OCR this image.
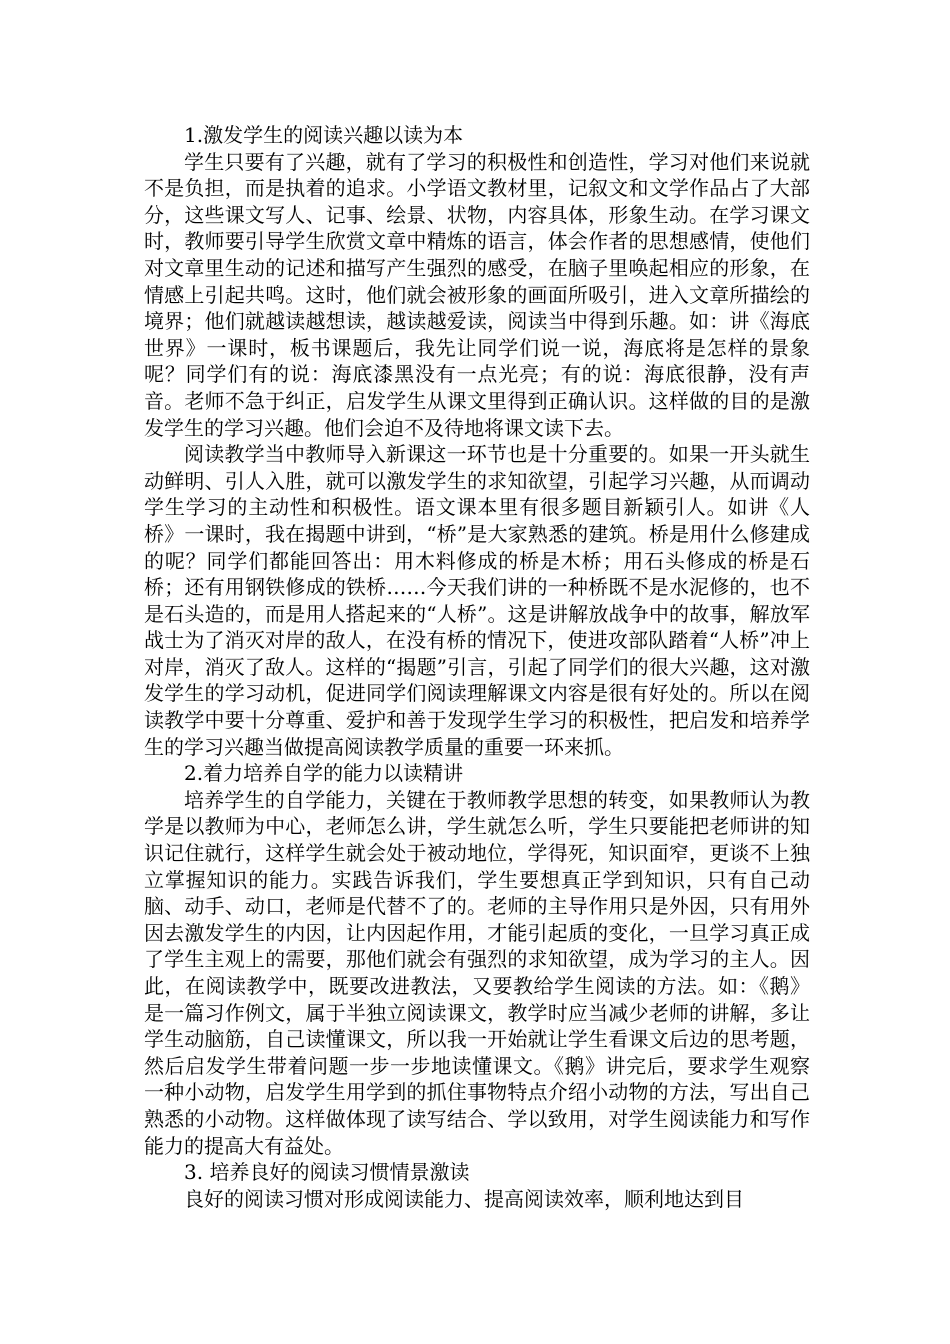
1.激发学生的阅读兴趣以读为本

学生只要有了兴趣，就有了学习的积极性和创造性，学习对他们来说就不是负担，而是执着的追求。小学语文教材里，记叙文和文学作品占了大部分，这些课文写人、记事、绘景、状物，内容具体，形象生动。在学习课文时，教师要引导学生欣赏文章中精炼的语言，体会作者的思想感情，使他们对文章里生动的记述和描写产生强烈的感受，在脑子里唤起相应的形象，在情感上引起共鸣。这时，他们就会被形象的画面所吸引，进入文章所描绘的境界；他们就越读越想读，越读越爱读，阅读当中得到乐趣。如：讲《海底世界》一课时，板书课题后，我先让同学们说一说，海底将是怎样的景象呢？同学们有的说：海底漆黑没有一点光亮；有的说：海底很静，没有声音。老师不急于纠正，启发学生从课文里得到正确认识。这样做的目的是激发学生的学习兴趣。他们会迫不及待地将课文读下去。

阅读教学当中教师导入新课这一环节也是十分重要的。如果一开头就生动鲜明、引人入胜，就可以激发学生的求知欲望，引起学习兴趣，从而调动学生学习的主动性和积极性。语文课本里有很多题目新颖引人。如讲《人桥》一课时，我在揭题中讲到，“桥”是大家熟悉的建筑。桥是用什么修建成的呢？同学们都能回答出：用木料修成的桥是木桥；用石头修成的桥是石桥；还有用钢铁修成的铁桥……今天我们讲的一种桥既不是水泥修的，也不是石头造的，而是用人搭起来的“人桥”。这是讲解放战争中的故事，解放军战士为了消灭对岸的敌人，在没有桥的情况下，使进攻部队踏着“人桥”冲上对岸，消灭了敌人。这样的“揭题”引言，引起了同学们的很大兴趣，这对激发学生的学习动机，促进同学们阅读理解课文内容是很有好处的。所以在阅读教学中要十分尊重、爱护和善于发现学生学习的积极性，把启发和培养学生的学习兴趣当做提高阅读教学质量的重要一环来抓。

2.着力培养自学的能力以读精讲

培养学生的自学能力，关键在于教师教学思想的转变，如果教师认为教学是以教师为中心，老师怎么讲，学生就怎么听，学生只要能把老师讲的知识记住就行，这样学生就会处于被动地位，学得死，知识面窄，更谈不上独立掌握知识的能力。实践告诉我们，学生要想真正学到知识，只有自己动脑、动手、动口，老师是代替不了的。老师的主导作用只是外因，只有用外因去激发学生的内因，让内因起作用，才能引起质的变化，一旦学习真正成了学生主观上的需要，那他们就会有强烈的求知欲望，成为学习的主人。因此，在阅读教学中，既要改进教法，又要教给学生阅读的方法。如：《鹅》是一篇习作例文，属于半独立阅读课文，教学时应当减少老师的讲解，多让学生动脑筋，自己读懂课文，所以我一开始就让学生看课文后边的思考题，然后启发学生带着问题一步一步地读懂课文。《鹅》讲完后，要求学生观察一种小动物，启发学生用学到的抓住事物特点介绍小动物的方法，写出自己熟悉的小动物。这样做体现了读写结合、学以致用，对学生阅读能力和写作能力的提高大有益处。

3. 培养良好的阅读习惯情景激读

良好的阅读习惯对形成阅读能力、提高阅读效率，顺利地达到目
